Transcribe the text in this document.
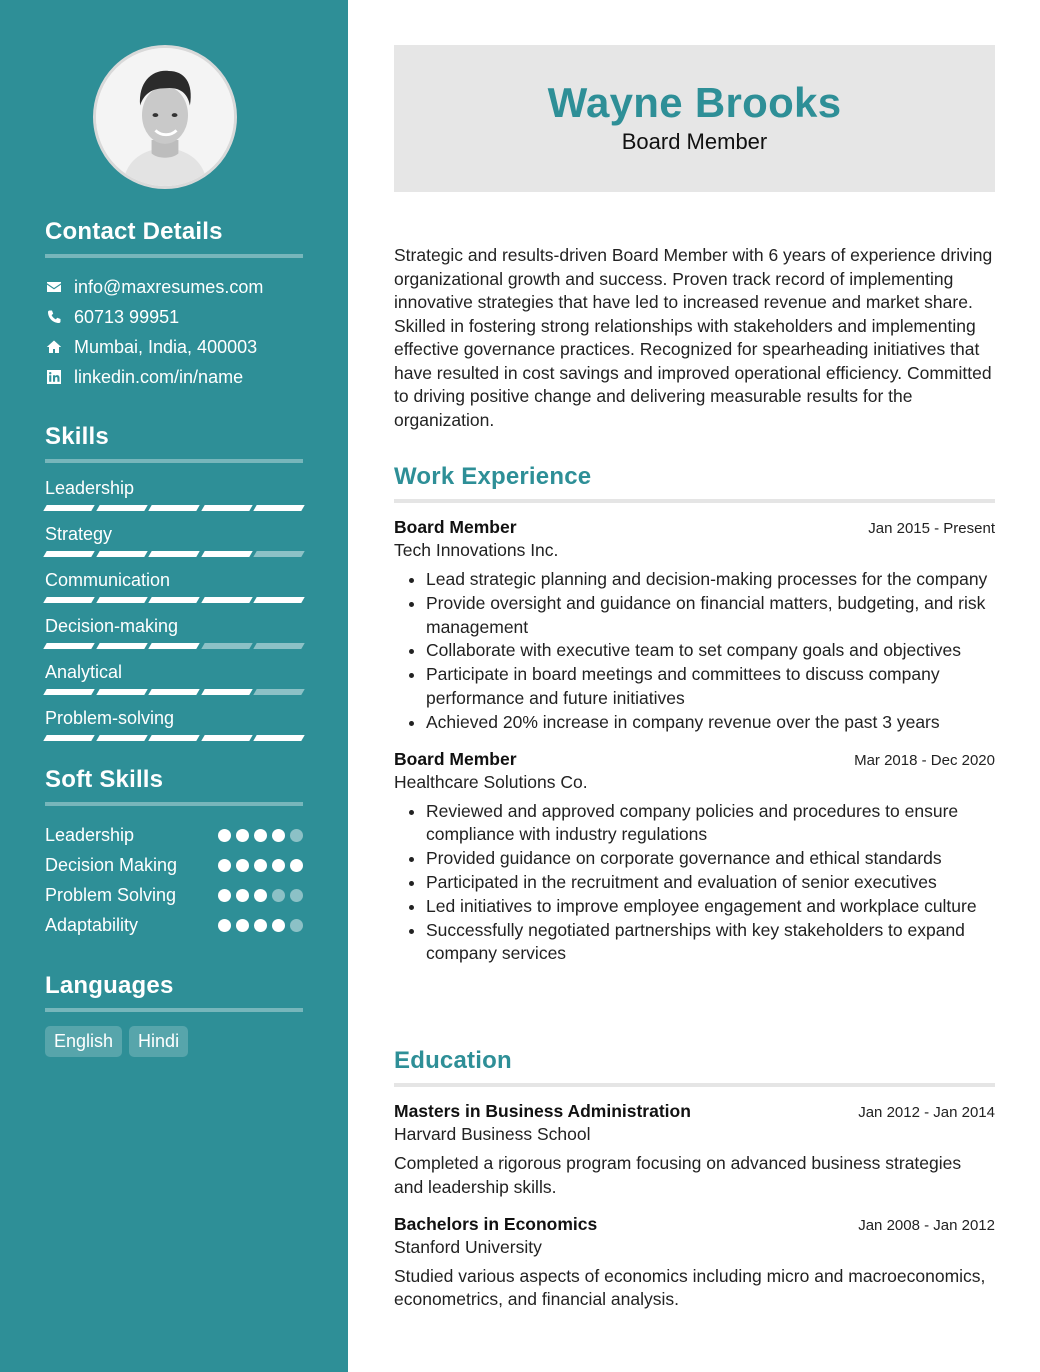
Contact Details
info@maxresumes.com
60713 99951
Mumbai, India, 400003
linkedin.com/in/name
Skills
Leadership
Strategy
Communication
Decision-making
Analytical
Problem-solving
Soft Skills
Leadership
Decision Making
Problem Solving
Adaptability
Languages
English	Hindi
Wayne Brooks
Board Member
Strategic and results-driven Board Member with 6 years of experience driving organizational growth and success. Proven track record of implementing innovative strategies that have led to increased revenue and market share. Skilled in fostering strong relationships with stakeholders and implementing effective governance practices. Recognized for spearheading initiatives that have resulted in cost savings and improved operational efficiency. Committed to driving positive change and delivering measurable results for the organization.
Work Experience
Board Member	Jan 2015 - Present
Tech Innovations Inc.
• Lead strategic planning and decision-making processes for the company
• Provide oversight and guidance on financial matters, budgeting, and risk management
• Collaborate with executive team to set company goals and objectives
• Participate in board meetings and committees to discuss company performance and future initiatives
• Achieved 20% increase in company revenue over the past 3 years
Board Member	Mar 2018 - Dec 2020
Healthcare Solutions Co.
• Reviewed and approved company policies and procedures to ensure compliance with industry regulations
• Provided guidance on corporate governance and ethical standards
• Participated in the recruitment and evaluation of senior executives
• Led initiatives to improve employee engagement and workplace culture
• Successfully negotiated partnerships with key stakeholders to expand company services
Education
Masters in Business Administration	Jan 2012 - Jan 2014
Harvard Business School
Completed a rigorous program focusing on advanced business strategies and leadership skills.
Bachelors in Economics	Jan 2008 - Jan 2012
Stanford University
Studied various aspects of economics including micro and macroeconomics, econometrics, and financial analysis.
